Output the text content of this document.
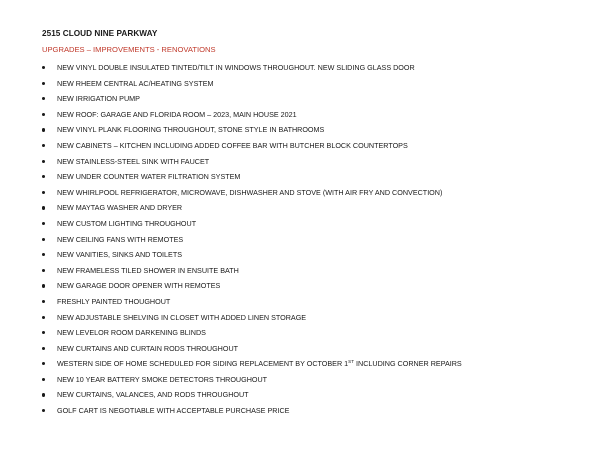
2515 CLOUD NINE PARKWAY
UPGRADES – IMPROVEMENTS - RENOVATIONS
NEW VINYL DOUBLE INSULATED TINTED/TILT IN WINDOWS THROUGHOUT. NEW SLIDING GLASS DOOR
NEW RHEEM CENTRAL AC/HEATING SYSTEM
NEW IRRIGATION PUMP
NEW ROOF: GARAGE AND FLORIDA ROOM – 2023, MAIN HOUSE 2021
NEW VINYL PLANK FLOORING THROUGHOUT, STONE STYLE IN BATHROOMS
NEW CABINETS – KITCHEN INCLUDING ADDED COFFEE BAR WITH BUTCHER BLOCK COUNTERTOPS
NEW STAINLESS-STEEL SINK WITH FAUCET
NEW UNDER COUNTER WATER FILTRATION SYSTEM
NEW WHIRLPOOL REFRIGERATOR, MICROWAVE, DISHWASHER AND STOVE (WITH AIR FRY AND CONVECTION)
NEW MAYTAG WASHER AND DRYER
NEW CUSTOM LIGHTING THROUGHOUT
NEW CEILING FANS WITH REMOTES
NEW VANITIES, SINKS AND TOILETS
NEW FRAMELESS TILED SHOWER IN ENSUITE BATH
NEW GARAGE DOOR OPENER WITH REMOTES
FRESHLY PAINTED THOUGHOUT
NEW ADJUSTABLE SHELVING IN CLOSET WITH ADDED LINEN STORAGE
NEW LEVELOR ROOM DARKENING BLINDS
NEW CURTAINS AND CURTAIN RODS THROUGHOUT
WESTERN SIDE OF HOME SCHEDULED FOR SIDING REPLACEMENT BY OCTOBER 1ST INCLUDING CORNER REPAIRS
NEW 10 YEAR BATTERY SMOKE DETECTORS THROUGHOUT
NEW CURTAINS, VALANCES, AND RODS THROUGHOUT
GOLF CART IS NEGOTIABLE WITH ACCEPTABLE PURCHASE PRICE
